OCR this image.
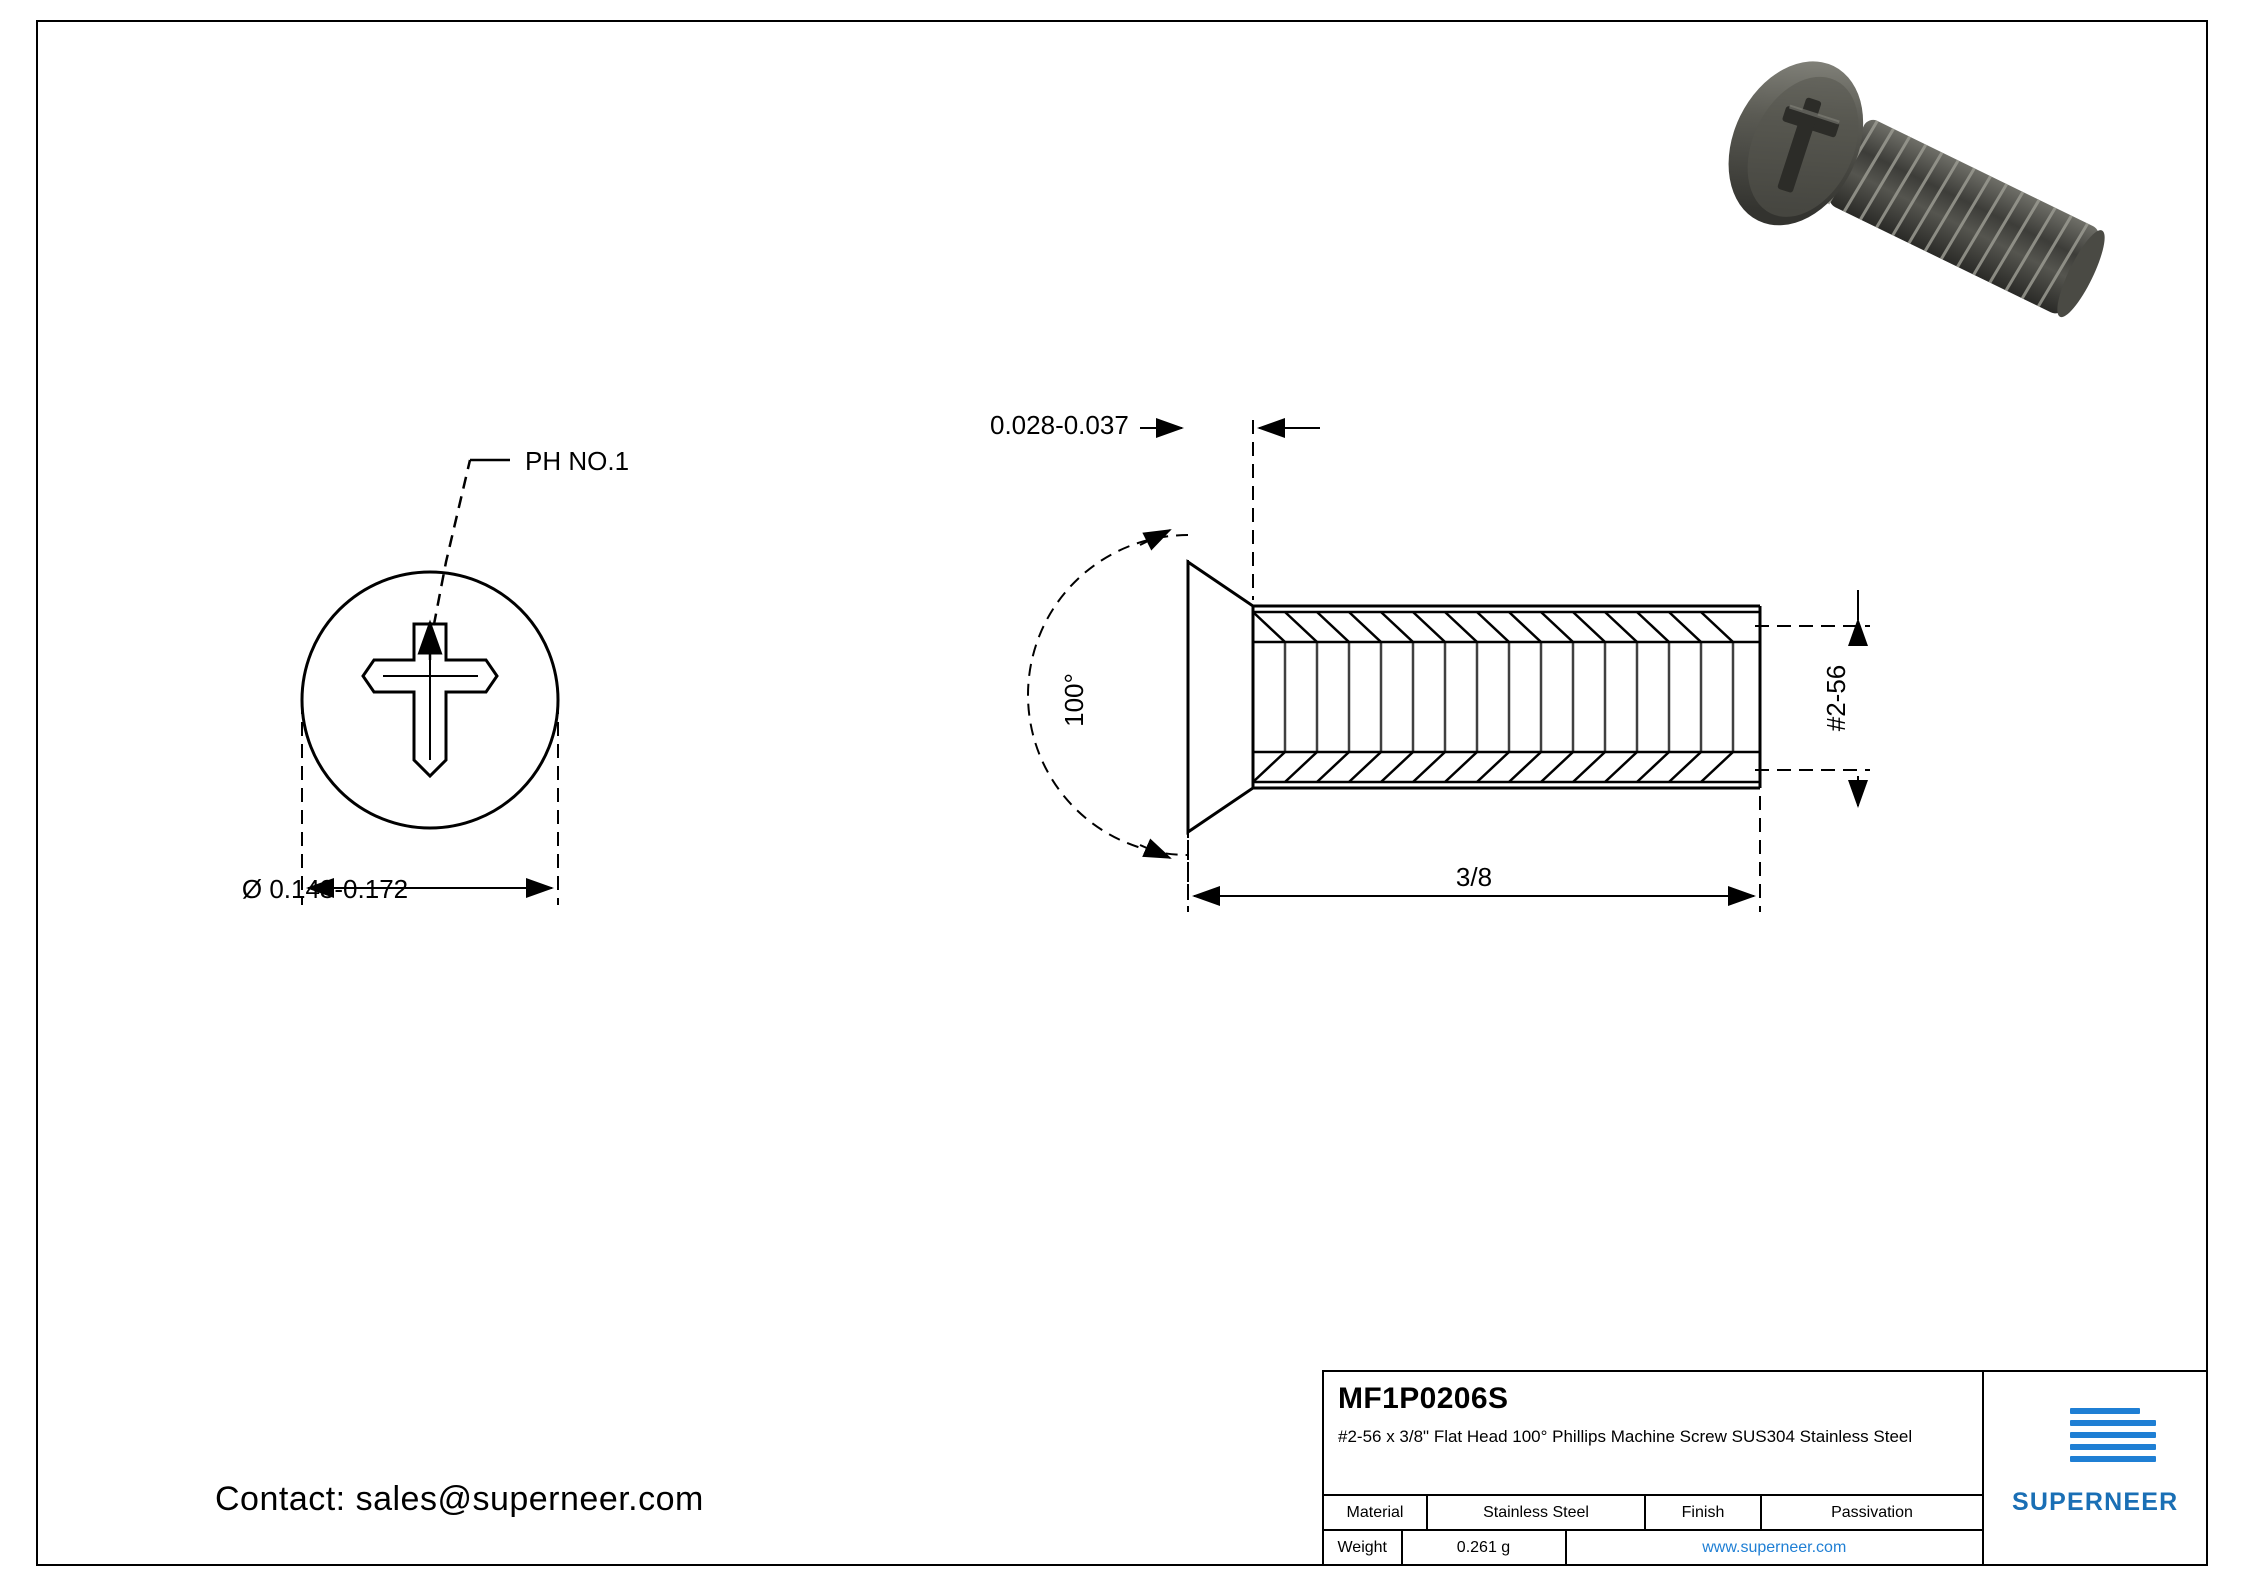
PH NO.1
Ø 0.143-0.172
0.028-0.037
100°	#2-56
3/8
Contact: sales@superneer.com
MF1P0206S
#2-56 x 3/8" Flat Head 100° Phillips Machine Screw SUS304 Stainless Steel
Material	Stainless Steel	Finish	Passivation
Weight	0.261 g	www.superneer.com
SUPERNEER
